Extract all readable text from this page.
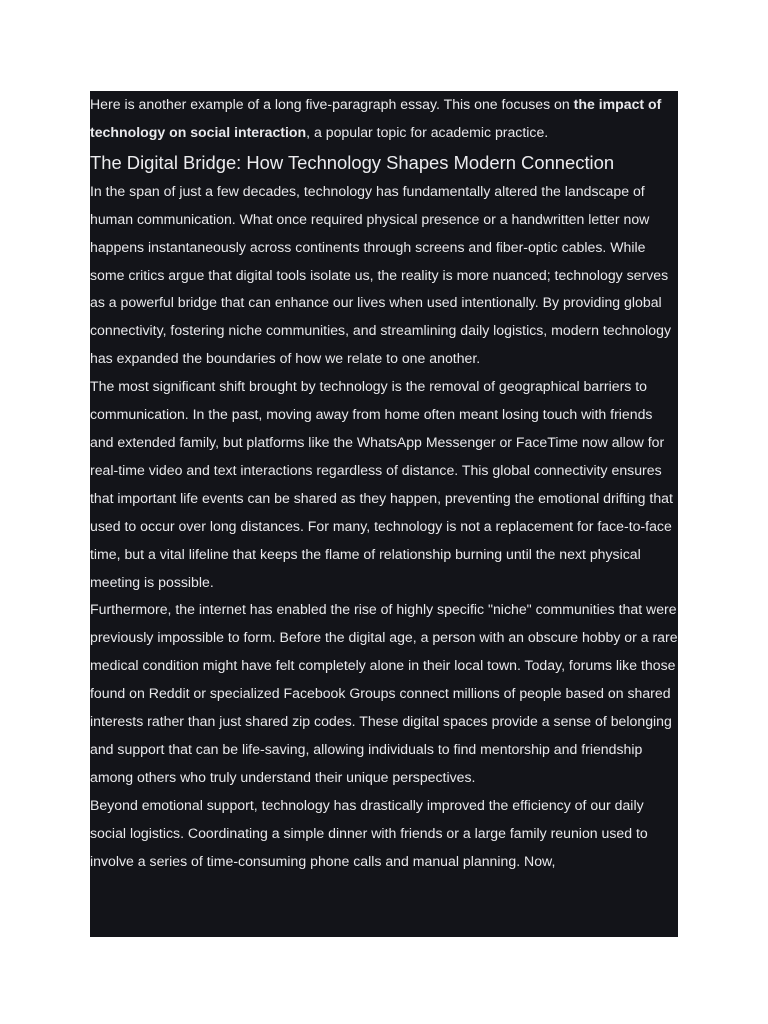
Here is another example of a long five-paragraph essay. This one focuses on the impact of technology on social interaction, a popular topic for academic practice.

The Digital Bridge: How Technology Shapes Modern Connection

In the span of just a few decades, technology has fundamentally altered the landscape of human communication. What once required physical presence or a handwritten letter now happens instantaneously across continents through screens and fiber-optic cables. While some critics argue that digital tools isolate us, the reality is more nuanced; technology serves as a powerful bridge that can enhance our lives when used intentionally. By providing global connectivity, fostering niche communities, and streamlining daily logistics, modern technology has expanded the boundaries of how we relate to one another.

The most significant shift brought by technology is the removal of geographical barriers to communication. In the past, moving away from home often meant losing touch with friends and extended family, but platforms like the WhatsApp Messenger or FaceTime now allow for real-time video and text interactions regardless of distance. This global connectivity ensures that important life events can be shared as they happen, preventing the emotional drifting that used to occur over long distances. For many, technology is not a replacement for face-to-face time, but a vital lifeline that keeps the flame of relationship burning until the next physical meeting is possible.

Furthermore, the internet has enabled the rise of highly specific "niche" communities that were previously impossible to form. Before the digital age, a person with an obscure hobby or a rare medical condition might have felt completely alone in their local town. Today, forums like those found on Reddit or specialized Facebook Groups connect millions of people based on shared interests rather than just shared zip codes. These digital spaces provide a sense of belonging and support that can be life-saving, allowing individuals to find mentorship and friendship among others who truly understand their unique perspectives.

Beyond emotional support, technology has drastically improved the efficiency of our daily social logistics. Coordinating a simple dinner with friends or a large family reunion used to involve a series of time-consuming phone calls and manual planning. Now,
